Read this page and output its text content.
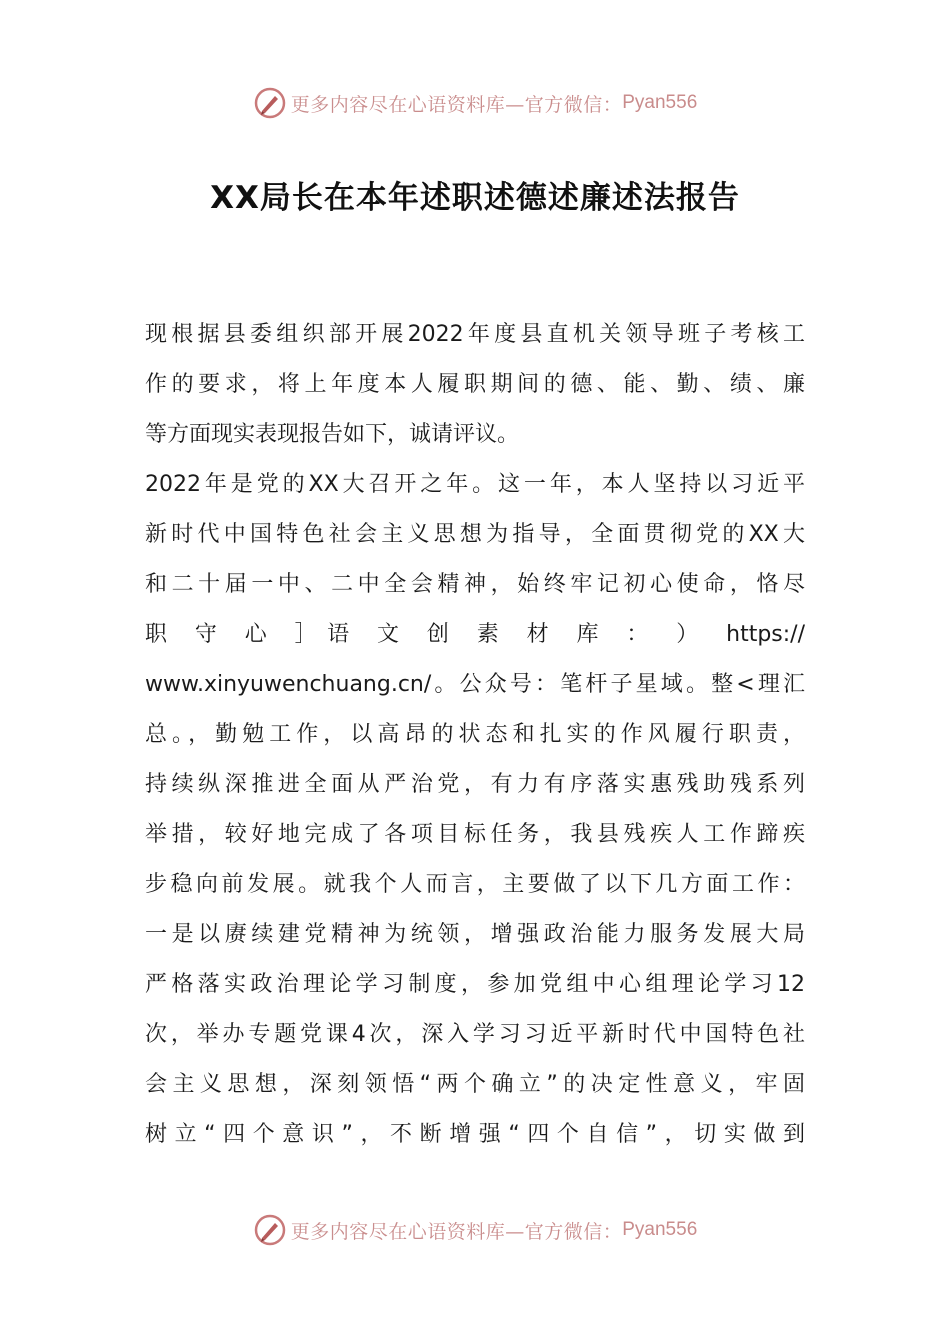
更多内容尽在心语资料库—官方微信： Pyan556
XX局长在本年述职述德述廉述法报告
现根据县委组织部开展2022年度县直机关领导班子考核工
作的要求，将上年度本人履职期间的德、能、勤、绩、廉
等方面现实表现报告如下，诚请评议。
2022年是党的XX大召开之年。这一年，本人坚持以习近平
新时代中国特色社会主义思想为指导，全面贯彻党的XX大
和二十届一中、二中全会精神，始终牢记初心使命，恪尽
职 守 心 ］语 文 创 素 材 库 ： ） https://
www.xinyuwenchuang.cn/。公众号：笔杆子星域。整<理汇
总。，勤勉工作，以高昂的状态和扎实的作风履行职责，
持续纵深推进全面从严治党，有力有序落实惠残助残系列
举措，较好地完成了各项目标任务，我县残疾人工作蹄疾
步稳向前发展。就我个人而言，主要做了以下几方面工作：
一是以赓续建党精神为统领，增强政治能力服务发展大局
严格落实政治理论学习制度，参加党组中心组理论学习12
次，举办专题党课4次，深入学习习近平新时代中国特色社
会主义思想，深刻领悟“两个确立”的决定性意义，牢固
树立“四个意识”，不断增强“四个自信”，切实做到
更多内容尽在心语资料库—官方微信： Pyan556
